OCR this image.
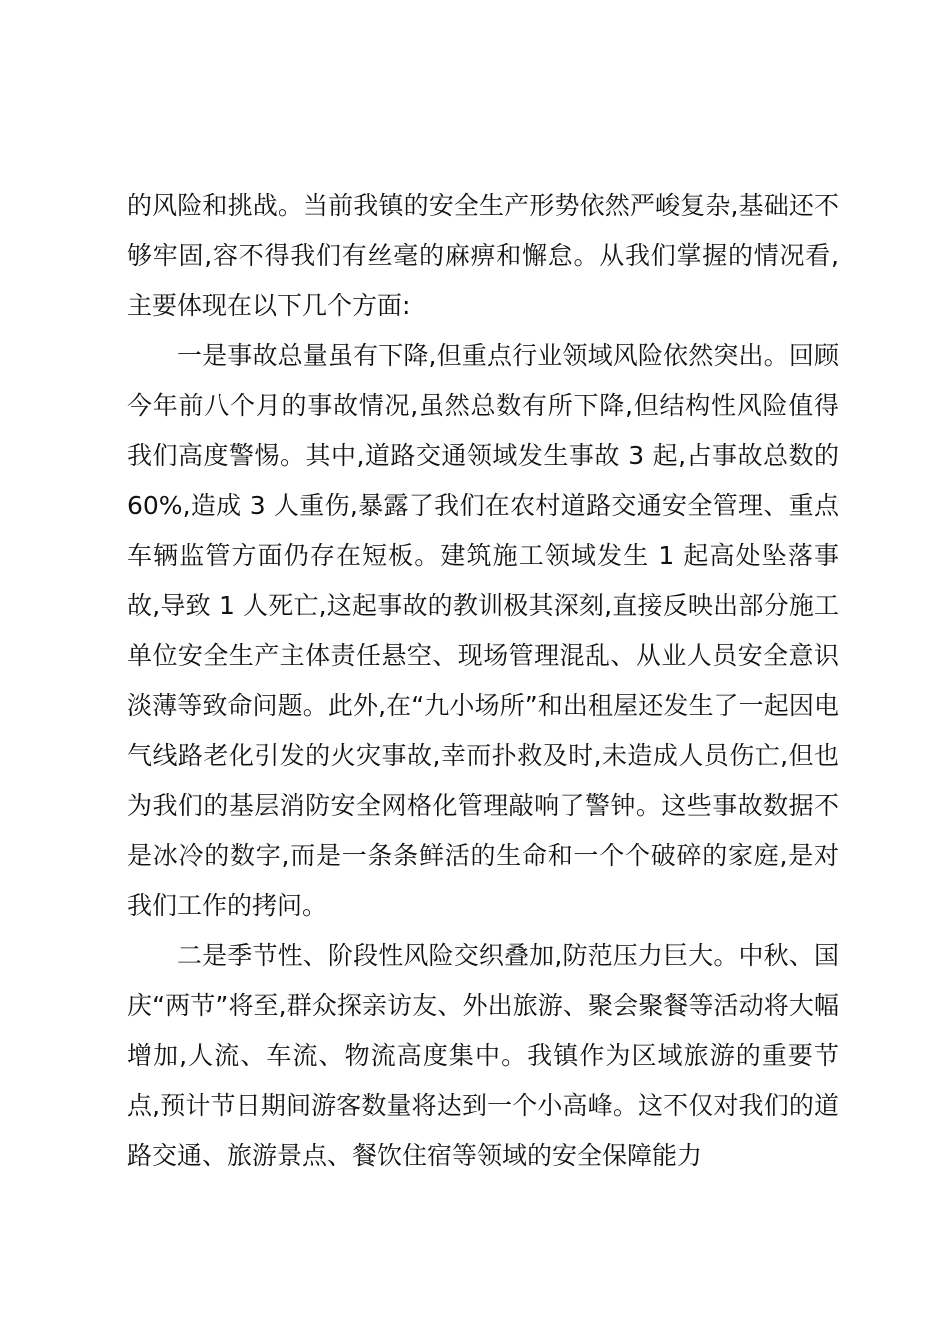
的风险和挑战。当前我镇的安全生产形势依然严峻复杂,基础还不够牢固,容不得我们有丝毫的麻痹和懈怠。从我们掌握的情况看,主要体现在以下几个方面:

一是事故总量虽有下降,但重点行业领域风险依然突出。回顾今年前八个月的事故情况,虽然总数有所下降,但结构性风险值得我们高度警惕。其中,道路交通领域发生事故 3 起,占事故总数的 60%,造成 3 人重伤,暴露了我们在农村道路交通安全管理、重点车辆监管方面仍存在短板。建筑施工领域发生 1 起高处坠落事故,导致 1 人死亡,这起事故的教训极其深刻,直接反映出部分施工单位安全生产主体责任悬空、现场管理混乱、从业人员安全意识淡薄等致命问题。此外,在“九小场所”和出租屋还发生了一起因电气线路老化引发的火灾事故,幸而扑救及时,未造成人员伤亡,但也为我们的基层消防安全网格化管理敲响了警钟。这些事故数据不是冰冷的数字,而是一条条鲜活的生命和一个个破碎的家庭,是对我们工作的拷问。

二是季节性、阶段性风险交织叠加,防范压力巨大。中秋、国庆“两节”将至,群众探亲访友、外出旅游、聚会聚餐等活动将大幅增加,人流、车流、物流高度集中。我镇作为区域旅游的重要节点,预计节日期间游客数量将达到一个小高峰。这不仅对我们的道路交通、旅游景点、餐饮住宿等领域的安全保障能力
